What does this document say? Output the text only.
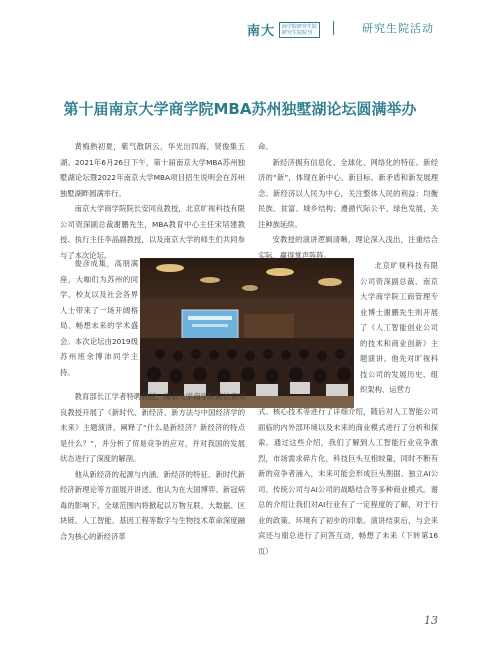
南大 商学院研究生院
研究生院院刊	研究生院活动
第十届南京大学商学院MBA苏州独墅湖论坛圆满举办

黄梅熟初夏，紫气散阴云，华光出四海，贤俊集五湖。2021年6月26日下午，第十届南京大学MBA苏州独墅湖论坛暨2022年南京大学MBA项目招生说明会在苏州独墅湖畔圆满举行。

南京大学商学院院长安同良教授，北京旷视科技有限公司资深副总裁谢鹏先生，MBA教育中心主任宋培建教授、执行主任李晶副教授，以及南京大学的师生们共同参与了本次论坛。

俊彦成集，高朋满座，大咖们为苏州的同学、校友以及社会各界人士带来了一场开阔格局、畅想未来的学术盛会。本次论坛由2019级苏州班余博沛同学主持。

北京旷视科技有限公司资深副总裁、南京大学商学院工商管理专业博士谢鹏先生则开展了《人工智能创业公司的技术和商业创新》主题演讲。他先对旷视科技公司的发展历史、组织架构、运营方

命。

新经济拥有信息化、全球化、网络化的特征。新经济的“新”，体现在新中心、新目标、新矛盾和新发展理念。新经济以人民为中心，关注整体人民的利益：均衡民族、贫富、城乡结构；遵循代际公平、绿色发展，关注种族延续。

安教授的演讲逻辑清晰，理论深入浅出，注重结合实际，赢得掌声阵阵。

教育部长江学者特聘教授、南京大学商学院院长安同良教授开展了《新时代、新经济、新方法与中国经济学的未来》主题演讲，阐释了“什么是新经济？新经济的特点是什么？”，并分析了贸易竞争的应对，并对我国的发展状态进行了深度的解剖。

他从新经济的起源与内涵、新经济的特征、新时代新经济新理论等方面展开讲述。他认为在大国博弈、新冠病毒的影响下，全球范围内将掀起以万物互联、大数据、区块链、人工智能、基因工程等数字与生物技术革命深度融合为核心的新经济革

式、核心技术等进行了详细介绍，随后对人工智能公司面临的内外部环境以及未来的商业模式进行了分析和探索。通过这些介绍，我们了解到人工智能行业竞争激烈，市场需求碎片化，科技巨头互相较量，同时不断有新的竞争者涌入，未来可能会形成巨头割据、独立AI公司、传统公司与AI公司的战略结合等多种商业模式。谢总的介绍让我们对AI行业有了一定程度的了解，对于行业的政策、环境有了初步的印象。演讲结束后，与会来宾还与谢总进行了问答互动，畅想了未来（下转第16页）

13
